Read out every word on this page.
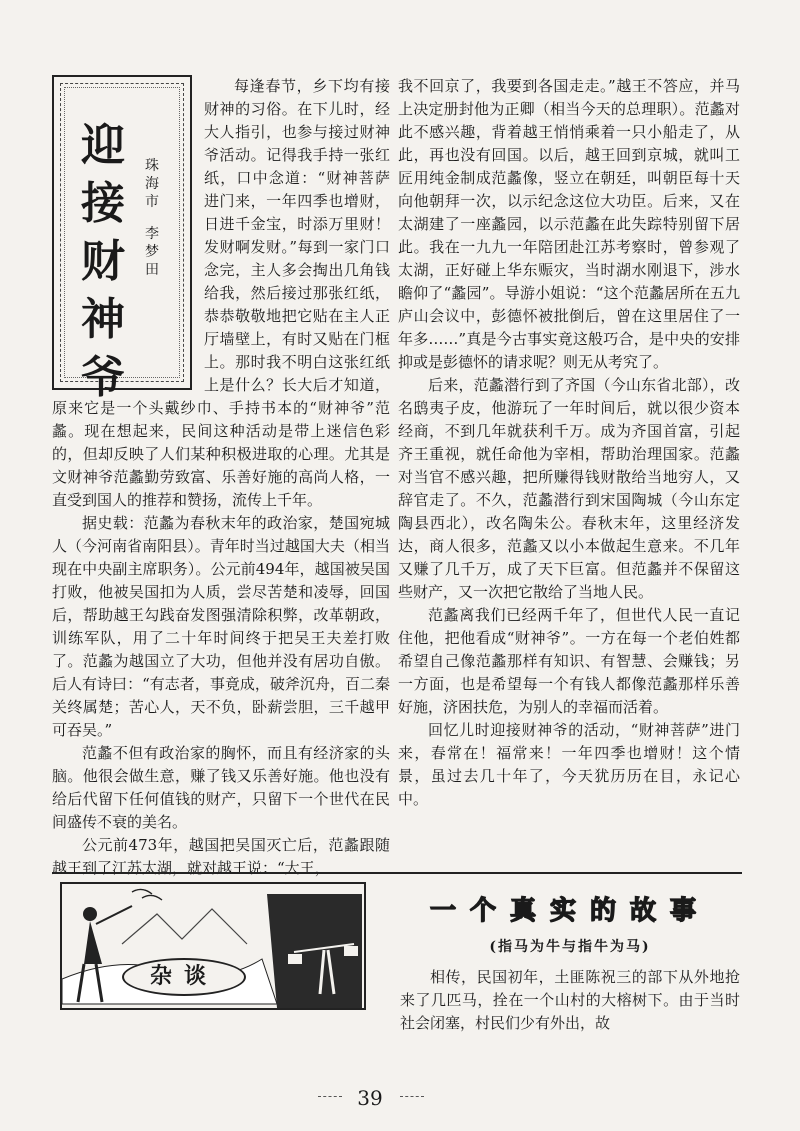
迎接财神爷
珠海市
李梦田

每逢春节，乡下均有接财神的习俗。在下儿时，经大人指引，也参与接过财神爷活动。记得我手持一张红纸，口中念道：“财神菩萨进门来，一年四季也增财，日进千金宝，时添万里财！发财啊发财。”每到一家门口念完，主人多会掏出几角钱给我，然后接过那张红纸，恭恭敬敬地把它贴在主人正厅墙壁上，有时又贴在门框上。那时我不明白这张红纸上是什么？长大后才知道，原来它是一个头戴纱巾、手持书本的“财神爷”范蠡。现在想起来，民间这种活动是带上迷信色彩的，但却反映了人们某种积极进取的心理。尤其是文财神爷范蠡勤劳致富、乐善好施的高尚人格，一直受到国人的推荐和赞扬，流传上千年。

据史载：范蠡为春秋末年的政治家，楚国宛城人（今河南省南阳县）。青年时当过越国大夫（相当现在中央副主席职务）。公元前494年，越国被吴国打败，他被吴国扣为人质，尝尽苦楚和凌辱，回国后，帮助越王勾践奋发图强清除积弊，改革朝政，训练军队，用了二十年时间终于把吴王夫差打败了。范蠡为越国立了大功，但他并没有居功自傲。后人有诗曰：“有志者，事竟成，破斧沉舟，百二秦关终属楚；苦心人，天不负，卧薪尝胆，三千越甲可吞吴。”

范蠡不但有政治家的胸怀，而且有经济家的头脑。他很会做生意，赚了钱又乐善好施。他也没有给后代留下任何值钱的财产，只留下一个世代在民间盛传不衰的美名。

公元前473年，越国把吴国灭亡后，范蠡跟随越王到了江苏太湖，就对越王说：“大王，

我不回京了，我要到各国走走。”越王不答应，并马上决定册封他为正卿（相当今天的总理职）。范蠡对此不感兴趣，背着越王悄悄乘着一只小船走了，从此，再也没有回国。以后，越王回到京城，就叫工匠用纯金制成范蠡像，竖立在朝廷，叫朝臣每十天向他朝拜一次，以示纪念这位大功臣。后来，又在太湖建了一座蠡园，以示范蠡在此失踪特别留下居此。我在一九九一年陪团赴江苏考察时，曾参观了太湖，正好碰上华东赈灾，当时湖水刚退下，涉水瞻仰了“蠡园”。导游小姐说：“这个范蠡居所在五九庐山会议中，彭德怀被批倒后，曾在这里居住了一年多……”真是今古事实竟这般巧合，是中央的安排抑或是彭德怀的请求呢？则无从考究了。

后来，范蠡潜行到了齐国（今山东省北部），改名鸱夷子皮，他游玩了一年时间后，就以很少资本经商，不到几年就获利千万。成为齐国首富，引起齐王重视，就任命他为宰相，帮助治理国家。范蠡对当官不感兴趣，把所赚得钱财散给当地穷人，又辞官走了。不久，范蠡潜行到宋国陶城（今山东定陶县西北），改名陶朱公。春秋末年，这里经济发达，商人很多，范蠡又以小本做起生意来。不几年又赚了几千万，成了天下巨富。但范蠡并不保留这些财产，又一次把它散给了当地人民。

范蠡离我们已经两千年了，但世代人民一直记住他，把他看成“财神爷”。一方在每一个老伯姓都希望自己像范蠡那样有知识、有智慧、会赚钱；另一方面，也是希望每一个有钱人都像范蠡那样乐善好施，济困扶危，为别人的幸福而活着。

回忆儿时迎接财神爷的活动，“财神菩萨”进门来，春常在！福常来！一年四季也增财！这个情景，虽过去几十年了，今天犹历历在目，永记心中。

杂谈
一个真实的故事
(指马为牛与指牛为马)

相传，民国初年，土匪陈祝三的部下从外地抢来了几匹马，拴在一个山村的大榕树下。由于当时社会闭塞，村民们少有外出，故

39
